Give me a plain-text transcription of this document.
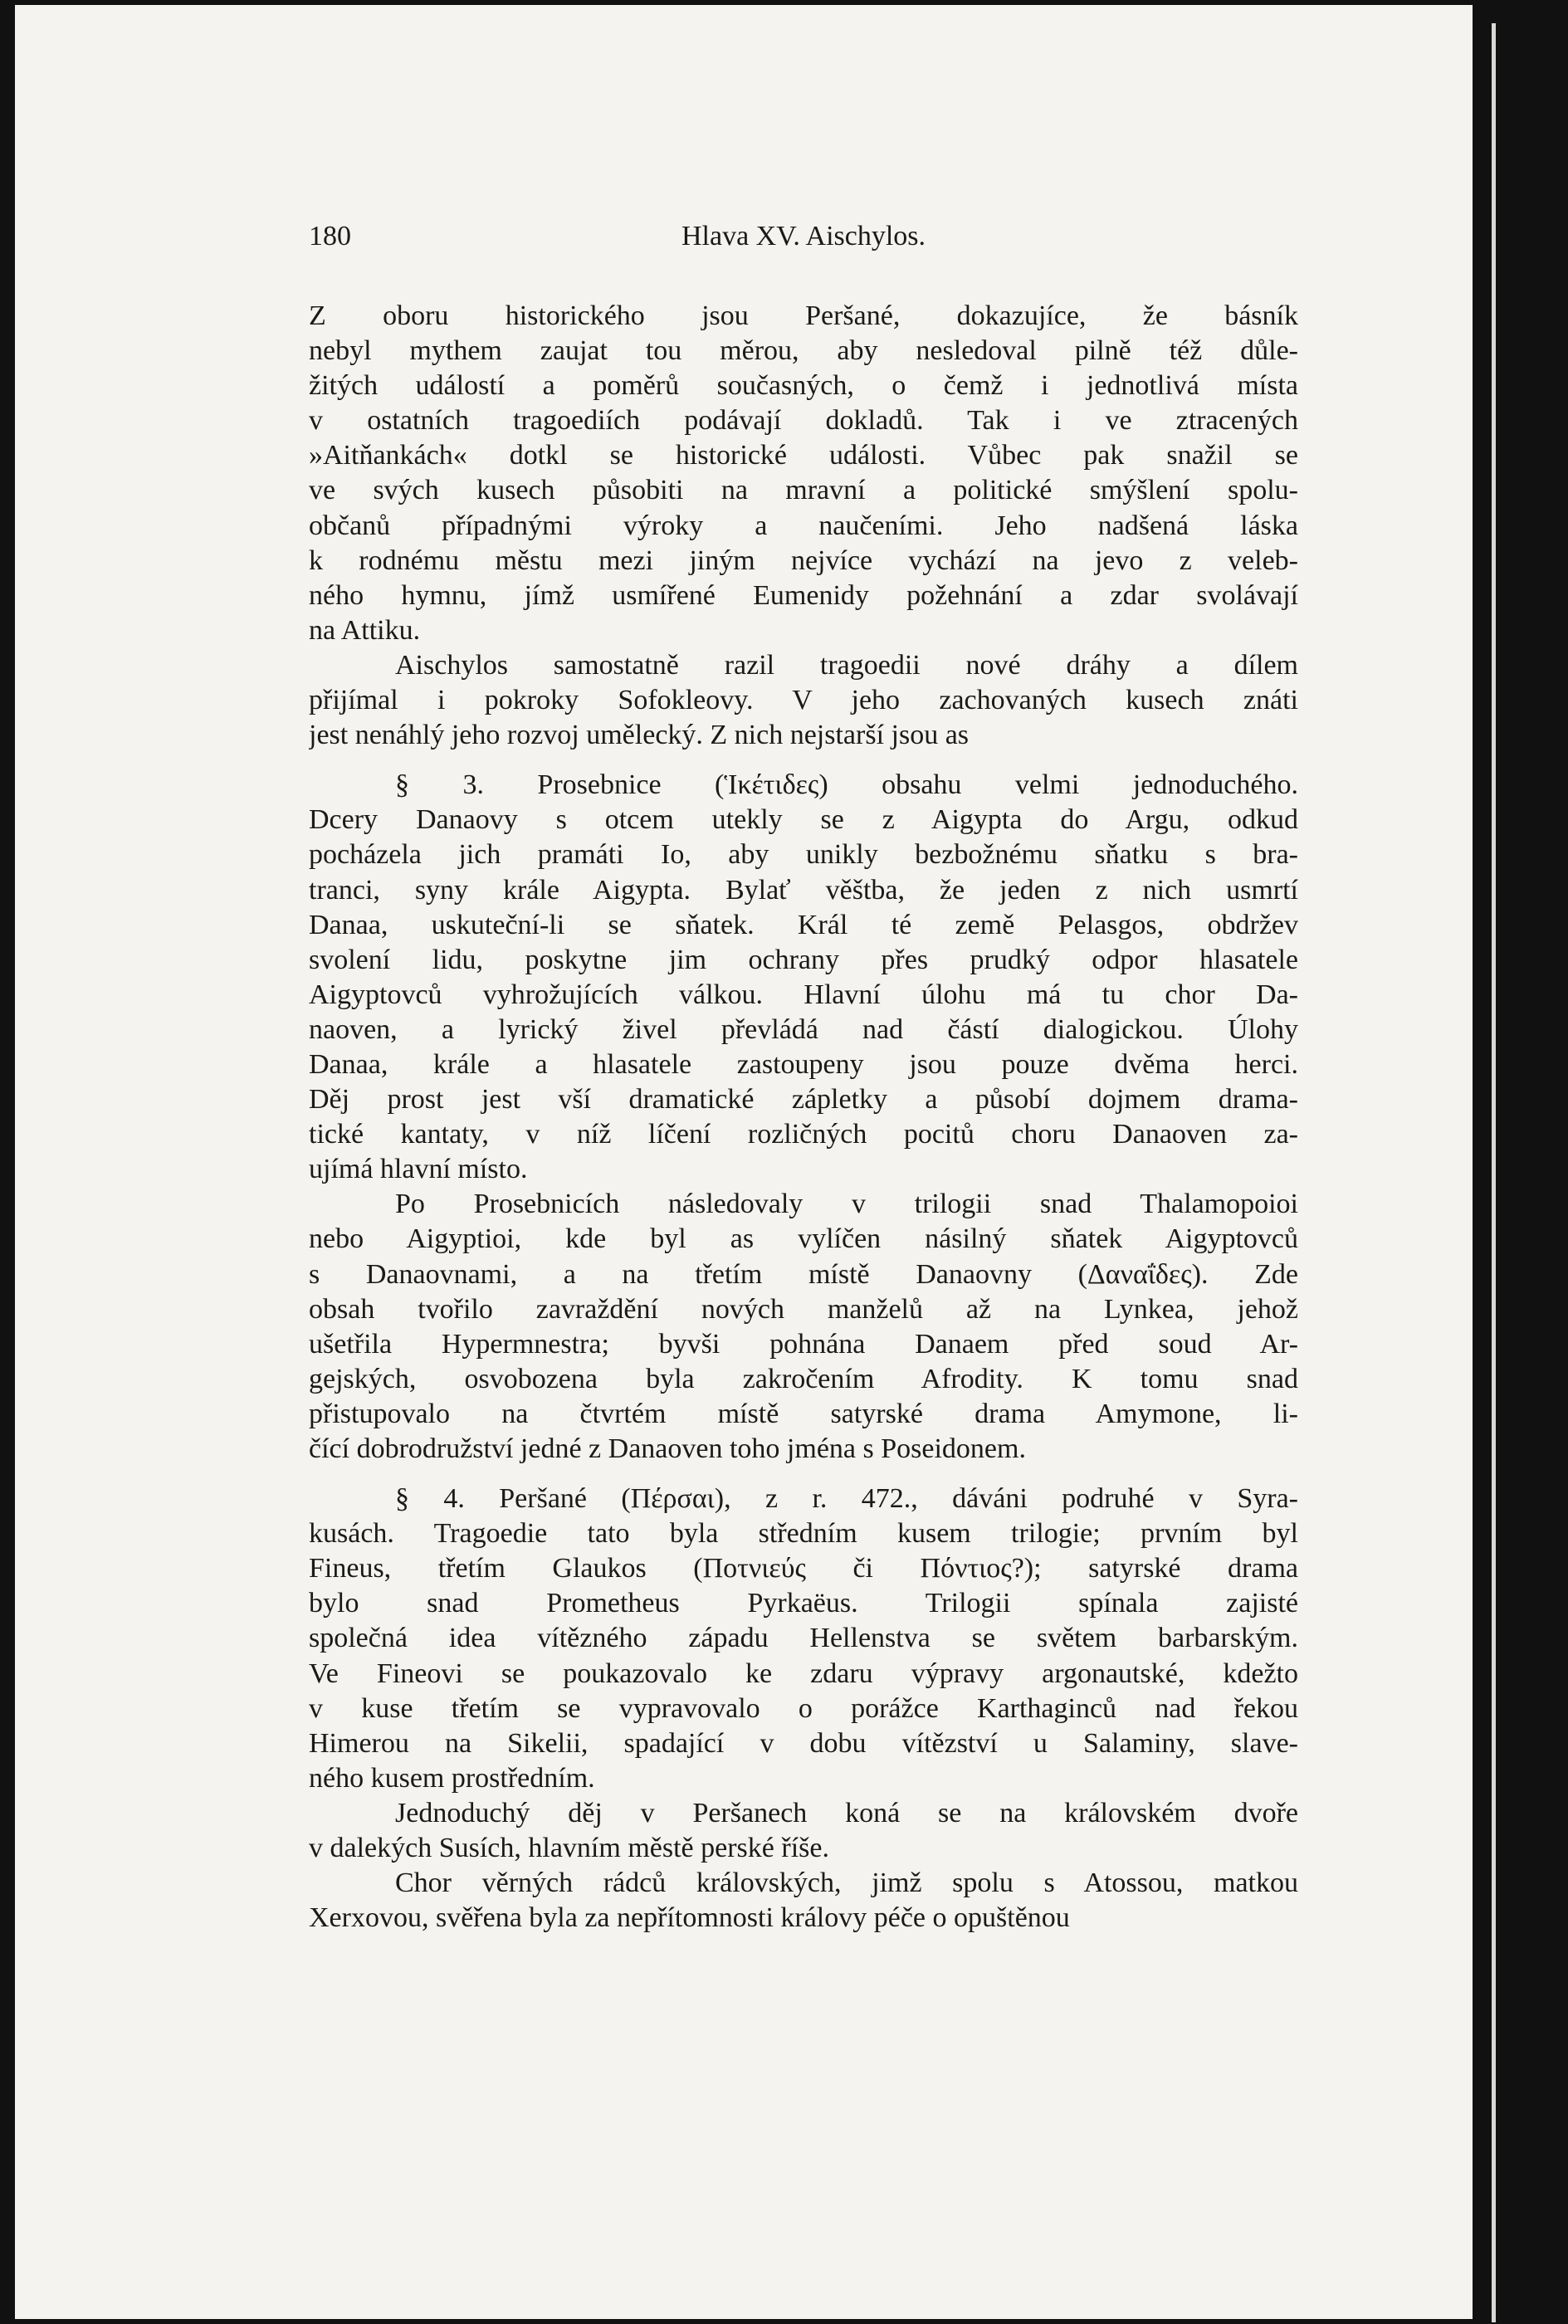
180	Hlava XV. Aischylos.
Z oboru historického jsou Peršané, dokazujíce, že básník
nebyl mythem zaujat tou měrou, aby nesledoval pilně též důle-
žitých událostí a poměrů současných, o čemž i jednotlivá místa
v ostatních tragoediích podávají dokladů. Tak i ve ztracených
»Aitňankách« dotkl se historické události. Vůbec pak snažil se
ve svých kusech působiti na mravní a politické smýšlení spolu-
občanů případnými výroky a naučeními. Jeho nadšená láska
k rodnému městu mezi jiným nejvíce vychází na jevo z veleb-
ného hymnu, jímž usmířené Eumenidy požehnání a zdar svolávají
na Attiku.
Aischylos samostatně razil tragoedii nové dráhy a dílem
přijímal i pokroky Sofokleovy. V jeho zachovaných kusech znáti
jest nenáhlý jeho rozvoj umělecký. Z nich nejstarší jsou as
§ 3. Prosebnice (Ἱκέτιδες) obsahu velmi jednoduchého.
Dcery Danaovy s otcem utekly se z Aigypta do Argu, odkud
pocházela jich pramáti Io, aby unikly bezbožnému sňatku s bra-
tranci, syny krále Aigypta. Bylať věštba, že jeden z nich usmrtí
Danaa, uskuteční-li se sňatek. Král té země Pelasgos, obdržev
svolení lidu, poskytne jim ochrany přes prudký odpor hlasatele
Aigyptovců vyhrožujících válkou. Hlavní úlohu má tu chor Da-
naoven, a lyrický živel převládá nad částí dialogickou. Úlohy
Danaa, krále a hlasatele zastoupeny jsou pouze dvěma herci.
Děj prost jest vší dramatické zápletky a působí dojmem drama-
tické kantaty, v níž líčení rozličných pocitů choru Danaoven za-
ujímá hlavní místo.
Po Prosebnicích následovaly v trilogii snad Thalamopoioi
nebo Aigyptioi, kde byl as vylíčen násilný sňatek Aigyptovců
s Danaovnami, a na třetím místě Danaovny (Δαναΐδες). Zde
obsah tvořilo zavraždění nových manželů až na Lynkea, jehož
ušetřila Hypermnestra; byvši pohnána Danaem před soud Ar-
gejských, osvobozena byla zakročením Afrodity. K tomu snad
přistupovalo na čtvrtém místě satyrské drama Amymone, li-
čící dobrodružství jedné z Danaoven toho jména s Poseidonem.
§ 4. Peršané (Πέρσαι), z r. 472., dáváni podruhé v Syra-
kusách. Tragoedie tato byla středním kusem trilogie; prvním byl
Fineus, třetím Glaukos (Ποτνιεύς či Πόντιος?); satyrské drama
bylo snad Prometheus Pyrkaëus. Trilogii spínala zajisté
společná idea vítězného západu Hellenstva se světem barbarským.
Ve Fineovi se poukazovalo ke zdaru výpravy argonautské, kdežto
v kuse třetím se vypravovalo o porážce Karthaginců nad řekou
Himerou na Sikelii, spadající v dobu vítězství u Salaminy, slave-
ného kusem prostředním.
Jednoduchý děj v Peršanech koná se na královském dvoře
v dalekých Susích, hlavním městě perské říše.
Chor věrných rádců královských, jimž spolu s Atossou, matkou
Xerxovou, svěřena byla za nepřítomnosti královy péče o opuštěnou
